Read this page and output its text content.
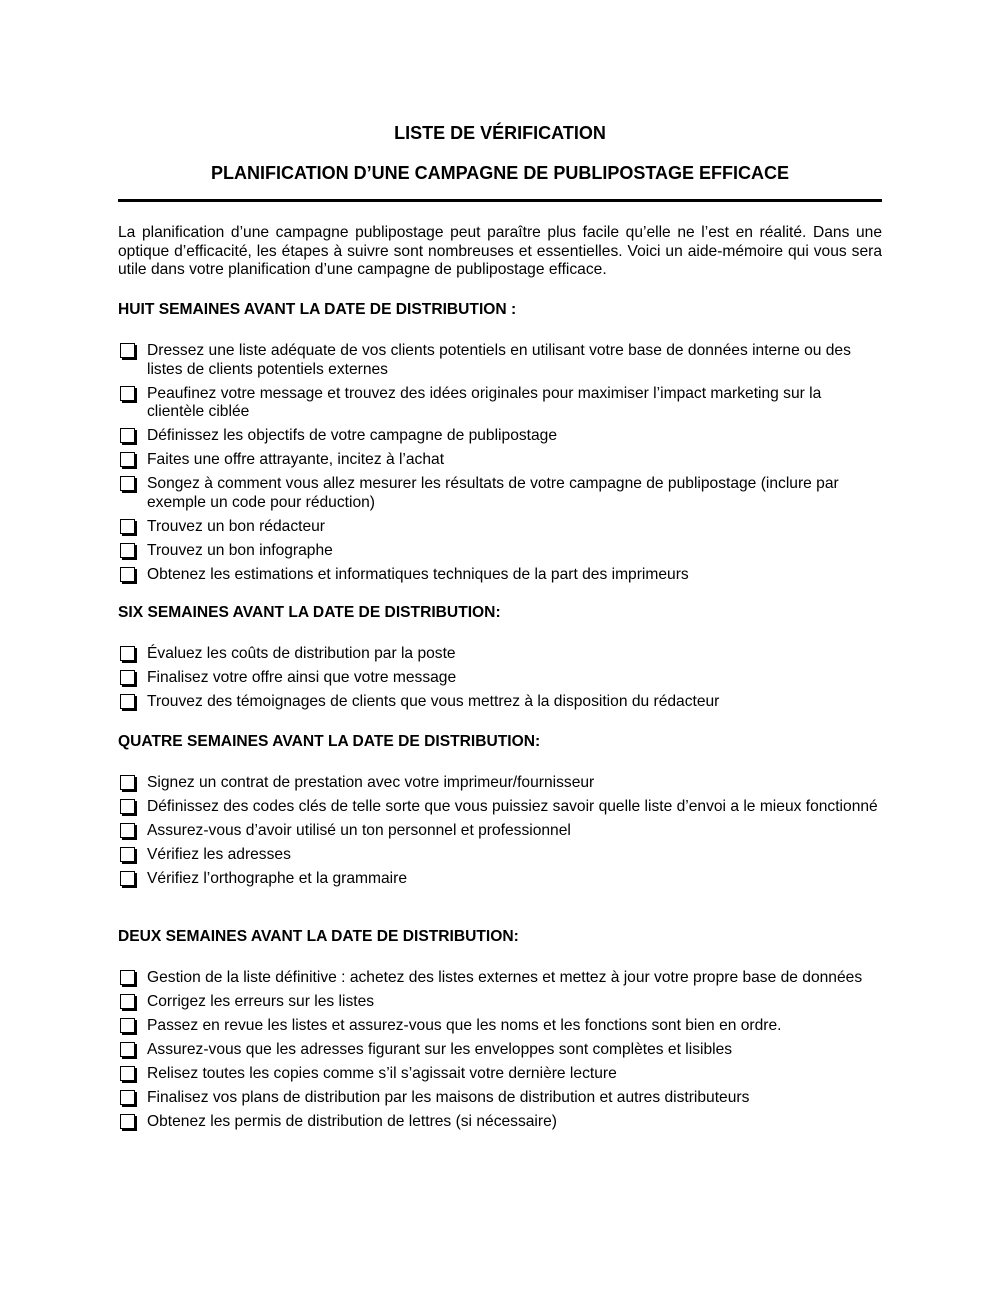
LISTE DE VÉRIFICATION
PLANIFICATION D’UNE CAMPAGNE DE PUBLIPOSTAGE EFFICACE
La planification d’une campagne publipostage peut paraître plus facile qu’elle ne l’est en réalité. Dans une optique d’efficacité, les étapes à suivre sont nombreuses et essentielles. Voici un aide-mémoire qui vous sera utile dans votre planification d’une campagne de publipostage efficace.
HUIT SEMAINES AVANT LA DATE DE DISTRIBUTION :
Dressez une liste adéquate de vos clients potentiels en utilisant votre base de données interne ou des listes de clients potentiels externes
Peaufinez votre message et trouvez des idées originales pour maximiser l’impact marketing sur la clientèle ciblée
Définissez les objectifs de votre campagne de publipostage
Faites une offre attrayante, incitez à l’achat
Songez à comment vous allez mesurer les résultats de votre campagne de publipostage (inclure par exemple un code pour réduction)
Trouvez un bon rédacteur
Trouvez un bon infographe
Obtenez les estimations et informatiques techniques de la part des imprimeurs
SIX SEMAINES AVANT LA DATE DE DISTRIBUTION:
Évaluez les coûts de distribution par la poste
Finalisez votre offre ainsi que votre message
Trouvez des témoignages de clients que vous mettrez à la disposition du rédacteur
QUATRE SEMAINES AVANT LA DATE DE DISTRIBUTION:
Signez un contrat de prestation avec votre imprimeur/fournisseur
Définissez des codes clés de telle sorte que vous puissiez savoir quelle liste d’envoi a le mieux fonctionné
Assurez-vous d’avoir utilisé un ton personnel et professionnel
Vérifiez les adresses
Vérifiez l’orthographe et la grammaire
DEUX SEMAINES AVANT LA DATE DE DISTRIBUTION:
Gestion de la liste définitive : achetez des listes externes et mettez à jour votre propre base de données
Corrigez les erreurs sur les listes
Passez en revue les listes et assurez-vous que les noms et les fonctions sont bien en ordre.
Assurez-vous que les adresses figurant sur les enveloppes sont complètes et lisibles
Relisez toutes les copies comme s’il s’agissait votre dernière lecture
Finalisez vos plans de distribution par les maisons de distribution et autres distributeurs
Obtenez les permis de distribution de lettres (si nécessaire)
